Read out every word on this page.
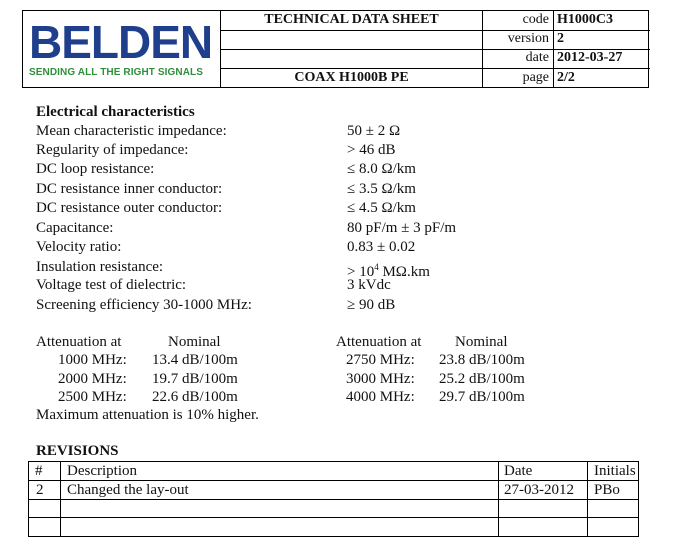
BELDEN
SENDING ALL THE RIGHT SIGNALS
TECHNICAL DATA SHEET
COAX H1000B PE
code H1000C3
version 2
date 2012-03-27
page 2/2
Electrical characteristics
Mean characteristic impedance:	50 ± 2 Ω
Regularity of impedance:	> 46 dB
DC loop resistance:	≤ 8.0 Ω/km
DC resistance inner conductor:	≤ 3.5 Ω/km
DC resistance outer conductor:	≤ 4.5 Ω/km
Capacitance:	80 pF/m ± 3 pF/m
Velocity ratio:	0.83 ± 0.02
Insulation resistance:	> $10^4$ MΩ.km
Voltage test of dielectric:	3 kVdc
Screening efficiency 30-1000 MHz:	≥ 90 dB
Attenuation at	Nominal
1000 MHz: 13.4 dB/100m
2000 MHz: 19.7 dB/100m
2500 MHz: 22.6 dB/100m
Attenuation at Nominal
2750 MHz: 23.8 dB/100m
3000 MHz: 25.2 dB/100m
4000 MHz: 29.7 dB/100m
Maximum attenuation is 10% higher.
REVISIONS
# Description	Date	Initials
2 Changed the lay-out	27-03-2012 PBo
